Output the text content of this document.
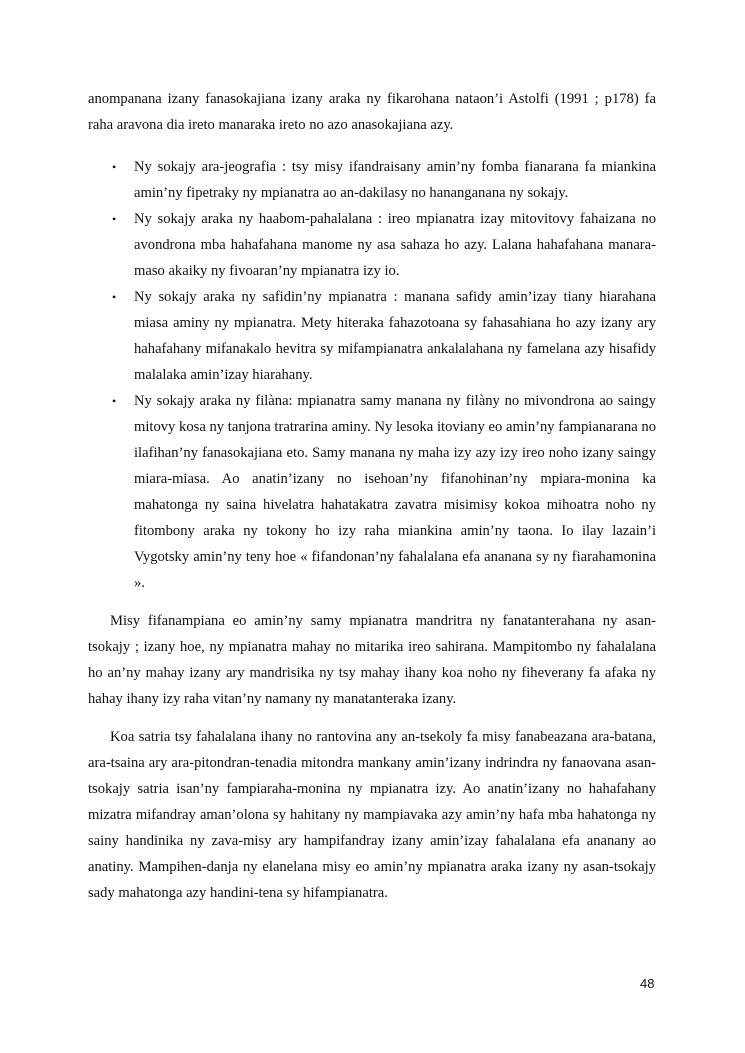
anompanana izany fanasokajiana izany araka ny fikarohana nataon’i Astolfi (1991 ; p178) fa raha aravona dia ireto manaraka ireto no azo anasokajiana azy.

• Ny sokajy ara-jeografia : tsy misy ifandraisany amin’ny fomba fianarana fa miankina amin’ny fipetraky ny mpianatra ao an-dakilasy no hananganana ny sokajy.
• Ny sokajy araka ny haabom-pahalalana : ireo mpianatra izay mitovitovy fahaizana no avondrona mba hahafahana manome ny asa sahaza ho azy. Lalana hahafahana manara-maso akaiky ny fivoaran’ny mpianatra izy io.
• Ny sokajy araka ny safidin’ny mpianatra : manana safidy amin’izay tiany hiarahana miasa aminy ny mpianatra. Mety hiteraka fahazotoana sy fahasahiana ho azy izany ary hahafahany mifanakalo hevitra sy mifampianatra ankalalahana ny famelana azy hisafidy malalaka amin’izay hiarahany.
• Ny sokajy araka ny filàna: mpianatra samy manana ny filàny no mivondrona ao saingy mitovy kosa ny tanjona tratrarina aminy. Ny lesoka itoviany eo amin’ny fampianarana no ilafihan’ny fanasokajiana eto. Samy manana ny maha izy azy izy ireo noho izany saingy miara-miasa. Ao anatin’izany no isehoan’ny fifanohinan’ny mpiara-monina ka mahatonga ny saina hivelatra hahatakatra zavatra misimisy kokoa mihoatra noho ny fitombony araka ny tokony ho izy raha miankina amin’ny taona. Io ilay lazain’i Vygotsky amin’ny teny hoe « fifandonan’ny fahalalana efa ananana sy ny fiarahamonina ».

Misy fifanampiana eo amin’ny samy mpianatra mandritra ny fanatanterahana ny asan-tsokajy ; izany hoe, ny mpianatra mahay no mitarika ireo sahirana. Mampitombo ny fahalalana ho an’ny mahay izany ary mandrisika ny tsy mahay ihany koa noho ny fiheverany fa afaka ny hahay ihany izy raha vitan’ny namany ny manatanteraka izany.

Koa satria tsy fahalalana ihany no rantovina any an-tsekoly fa misy fanabeazana ara-batana, ara-tsaina ary ara-pitondran-tenadia mitondra mankany amin’izany indrindra ny fanaovana asan-tsokajy satria isan’ny fampiaraha-monina ny mpianatra izy. Ao anatin’izany no hahafahany mizatra mifandray aman’olona sy hahitany ny mampiavaka azy amin’ny hafa mba hahatonga ny sainy handinika ny zava-misy ary hampifandray izany amin’izay fahalalana efa ananany ao anatiny. Mampihen-danja ny elanelana misy eo amin’ny mpianatra araka izany ny asan-tsokajy sady mahatonga azy handini-tena sy hifampianatra.

48
